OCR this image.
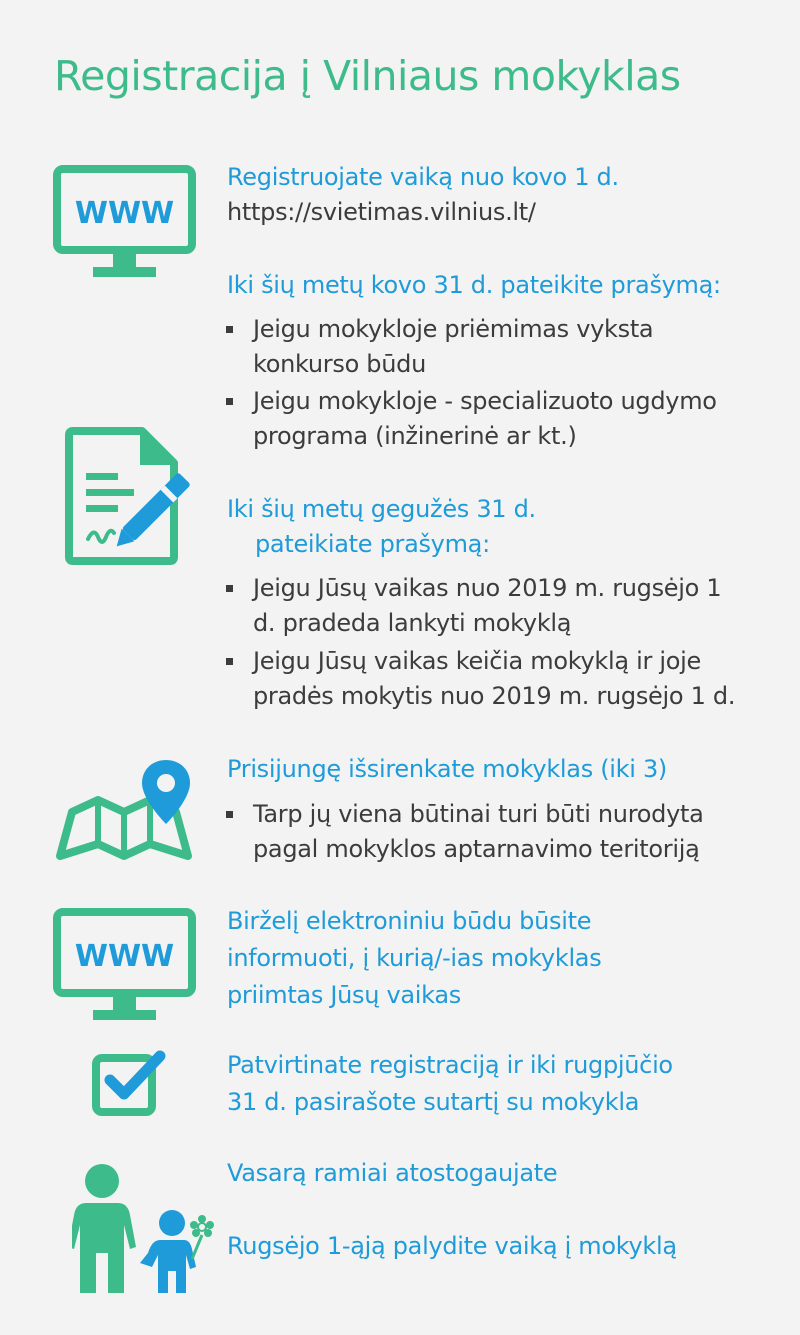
Registracija į Vilniaus mokyklas
WWW
Registruojate vaiką nuo kovo 1 d.
https://svietimas.vilnius.lt/
Iki šių metų kovo 31 d. pateikite prašymą:
Jeigu mokykloje priėmimas vyksta
konkurso būdu
Jeigu mokykloje - specializuoto ugdymo
programa (inžinerinė ar kt.)
Iki šių metų gegužės 31 d.
pateikiate prašymą:
Jeigu Jūsų vaikas nuo 2019 m. rugsėjo 1
d. pradeda lankyti mokyklą
Jeigu Jūsų vaikas keičia mokyklą ir joje
pradės mokytis nuo 2019 m. rugsėjo 1 d.
Prisijungę išsirenkate mokyklas (iki 3)
Tarp jų viena būtinai turi būti nurodyta
pagal mokyklos aptarnavimo teritoriją
WWW
Birželį elektroniniu būdu būsite
informuoti, į kurią/-ias mokyklas
priimtas Jūsų vaikas
Patvirtinate registraciją ir iki rugpjūčio
31 d. pasirašote sutartį su mokykla
Vasarą ramiai atostogaujate
Rugsėjo 1-ąją palydite vaiką į mokyklą
